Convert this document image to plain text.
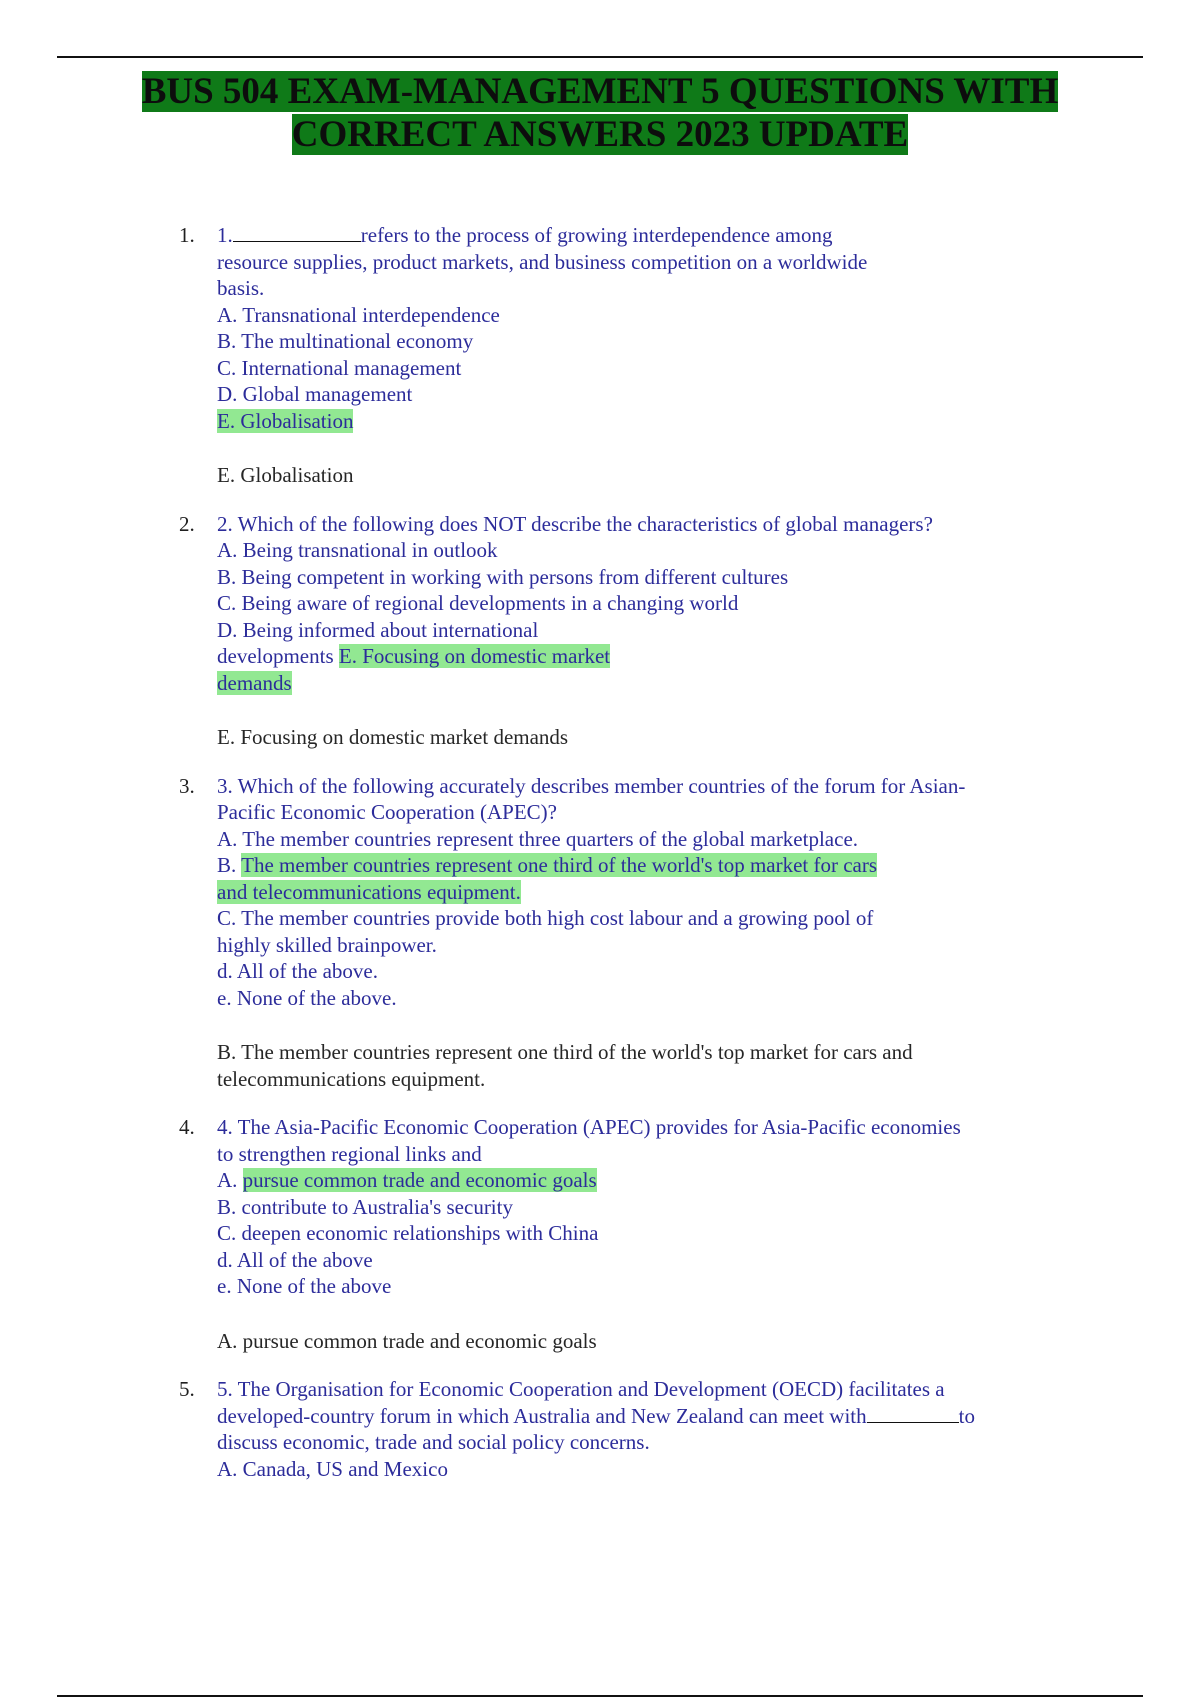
BUS 504 EXAM-MANAGEMENT 5 QUESTIONS WITH
CORRECT ANSWERS 2023 UPDATE
1. 1.	refers to the process of growing interdependence among
resource supplies, product markets, and business competition on a worldwide
basis.
A. Transnational interdependence
B. The multinational economy
C. International management
D. Global management
E. Globalisation
E. Globalisation
2. 2. Which of the following does NOT describe the characteristics of global managers?
A. Being transnational in outlook
B. Being competent in working with persons from different cultures
C. Being aware of regional developments in a changing world
D. Being informed about international
developments E. Focusing on domestic market
demands
E. Focusing on domestic market demands
3. 3. Which of the following accurately describes member countries of the forum for Asian-
Pacific Economic Cooperation (APEC)?
A. The member countries represent three quarters of the global marketplace.
B. The member countries represent one third of the world's top market for cars
and telecommunications equipment.
C. The member countries provide both high cost labour and a growing pool of
highly skilled brainpower.
d. All of the above.
e. None of the above.
B. The member countries represent one third of the world's top market for cars and
telecommunications equipment.
4. 4. The Asia-Pacific Economic Cooperation (APEC) provides for Asia-Pacific economies
to strengthen regional links and
A. pursue common trade and economic goals
B. contribute to Australia's security
C. deepen economic relationships with China
d. All of the above
e. None of the above
A. pursue common trade and economic goals
5. 5. The Organisation for Economic Cooperation and Development (OECD) facilitates a
developed-country forum in which Australia and New Zealand can meet with	to
discuss economic, trade and social policy concerns.
A. Canada, US and Mexico
